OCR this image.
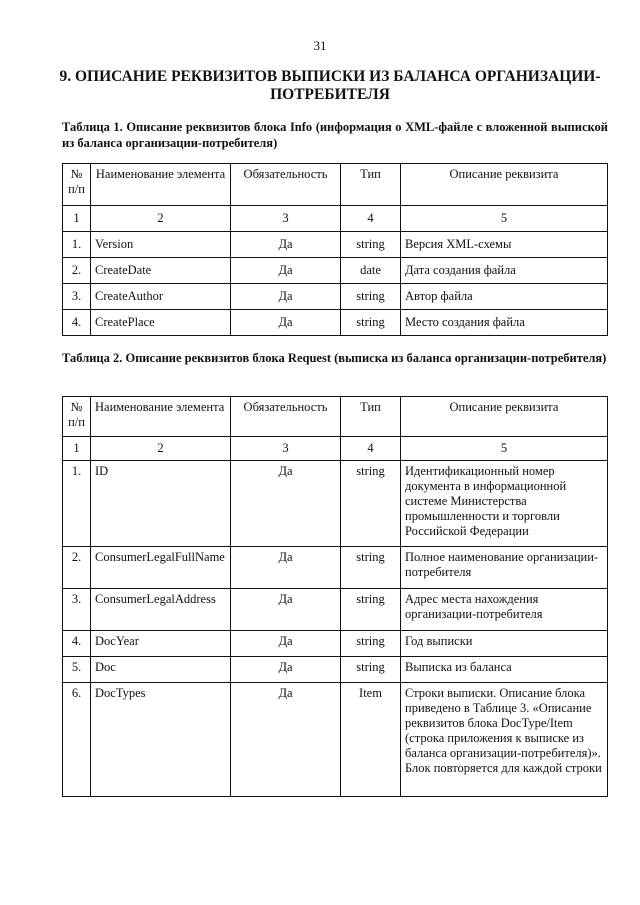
31
9. ОПИСАНИЕ РЕКВИЗИТОВ ВЫПИСКИ ИЗ БАЛАНСА ОРГАНИЗАЦИИ-ПОТРЕБИТЕЛЯ
Таблица 1. Описание реквизитов блока Info (информация о XML-файле с вложенной выпиской из баланса организации-потребителя)
№ п/п	Наименование элемента	Обязательность	Тип	Описание реквизита
1	2	3	4	5
1.	Version	Да	string	Версия XML-схемы
2.	CreateDate	Да	date	Дата создания файла
3.	CreateAuthor	Да	string	Автор файла
4.	CreatePlace	Да	string	Место создания файла
Таблица 2. Описание реквизитов блока Request (выписка из баланса организации-потребителя)
№ п/п	Наименование элемента	Обязательность	Тип	Описание реквизита
1	2	3	4	5
1.	ID	Да	string	Идентификационный номер документа в информационной системе Министерства промышленности и торговли Российской Федерации
2.	ConsumerLegalFullName	Да	string	Полное наименование организации-потребителя
3.	ConsumerLegalAddress	Да	string	Адрес места нахождения организации-потребителя
4.	DocYear	Да	string	Год выписки
5.	Doc	Да	string	Выписка из баланса
6.	DocTypes	Да	Item	Строки выписки. Описание блока приведено в Таблице 3. «Описание реквизитов блока DocType/Item (строка приложения к выписке из баланса организации-потребителя)». Блок повторяется для каждой строки
